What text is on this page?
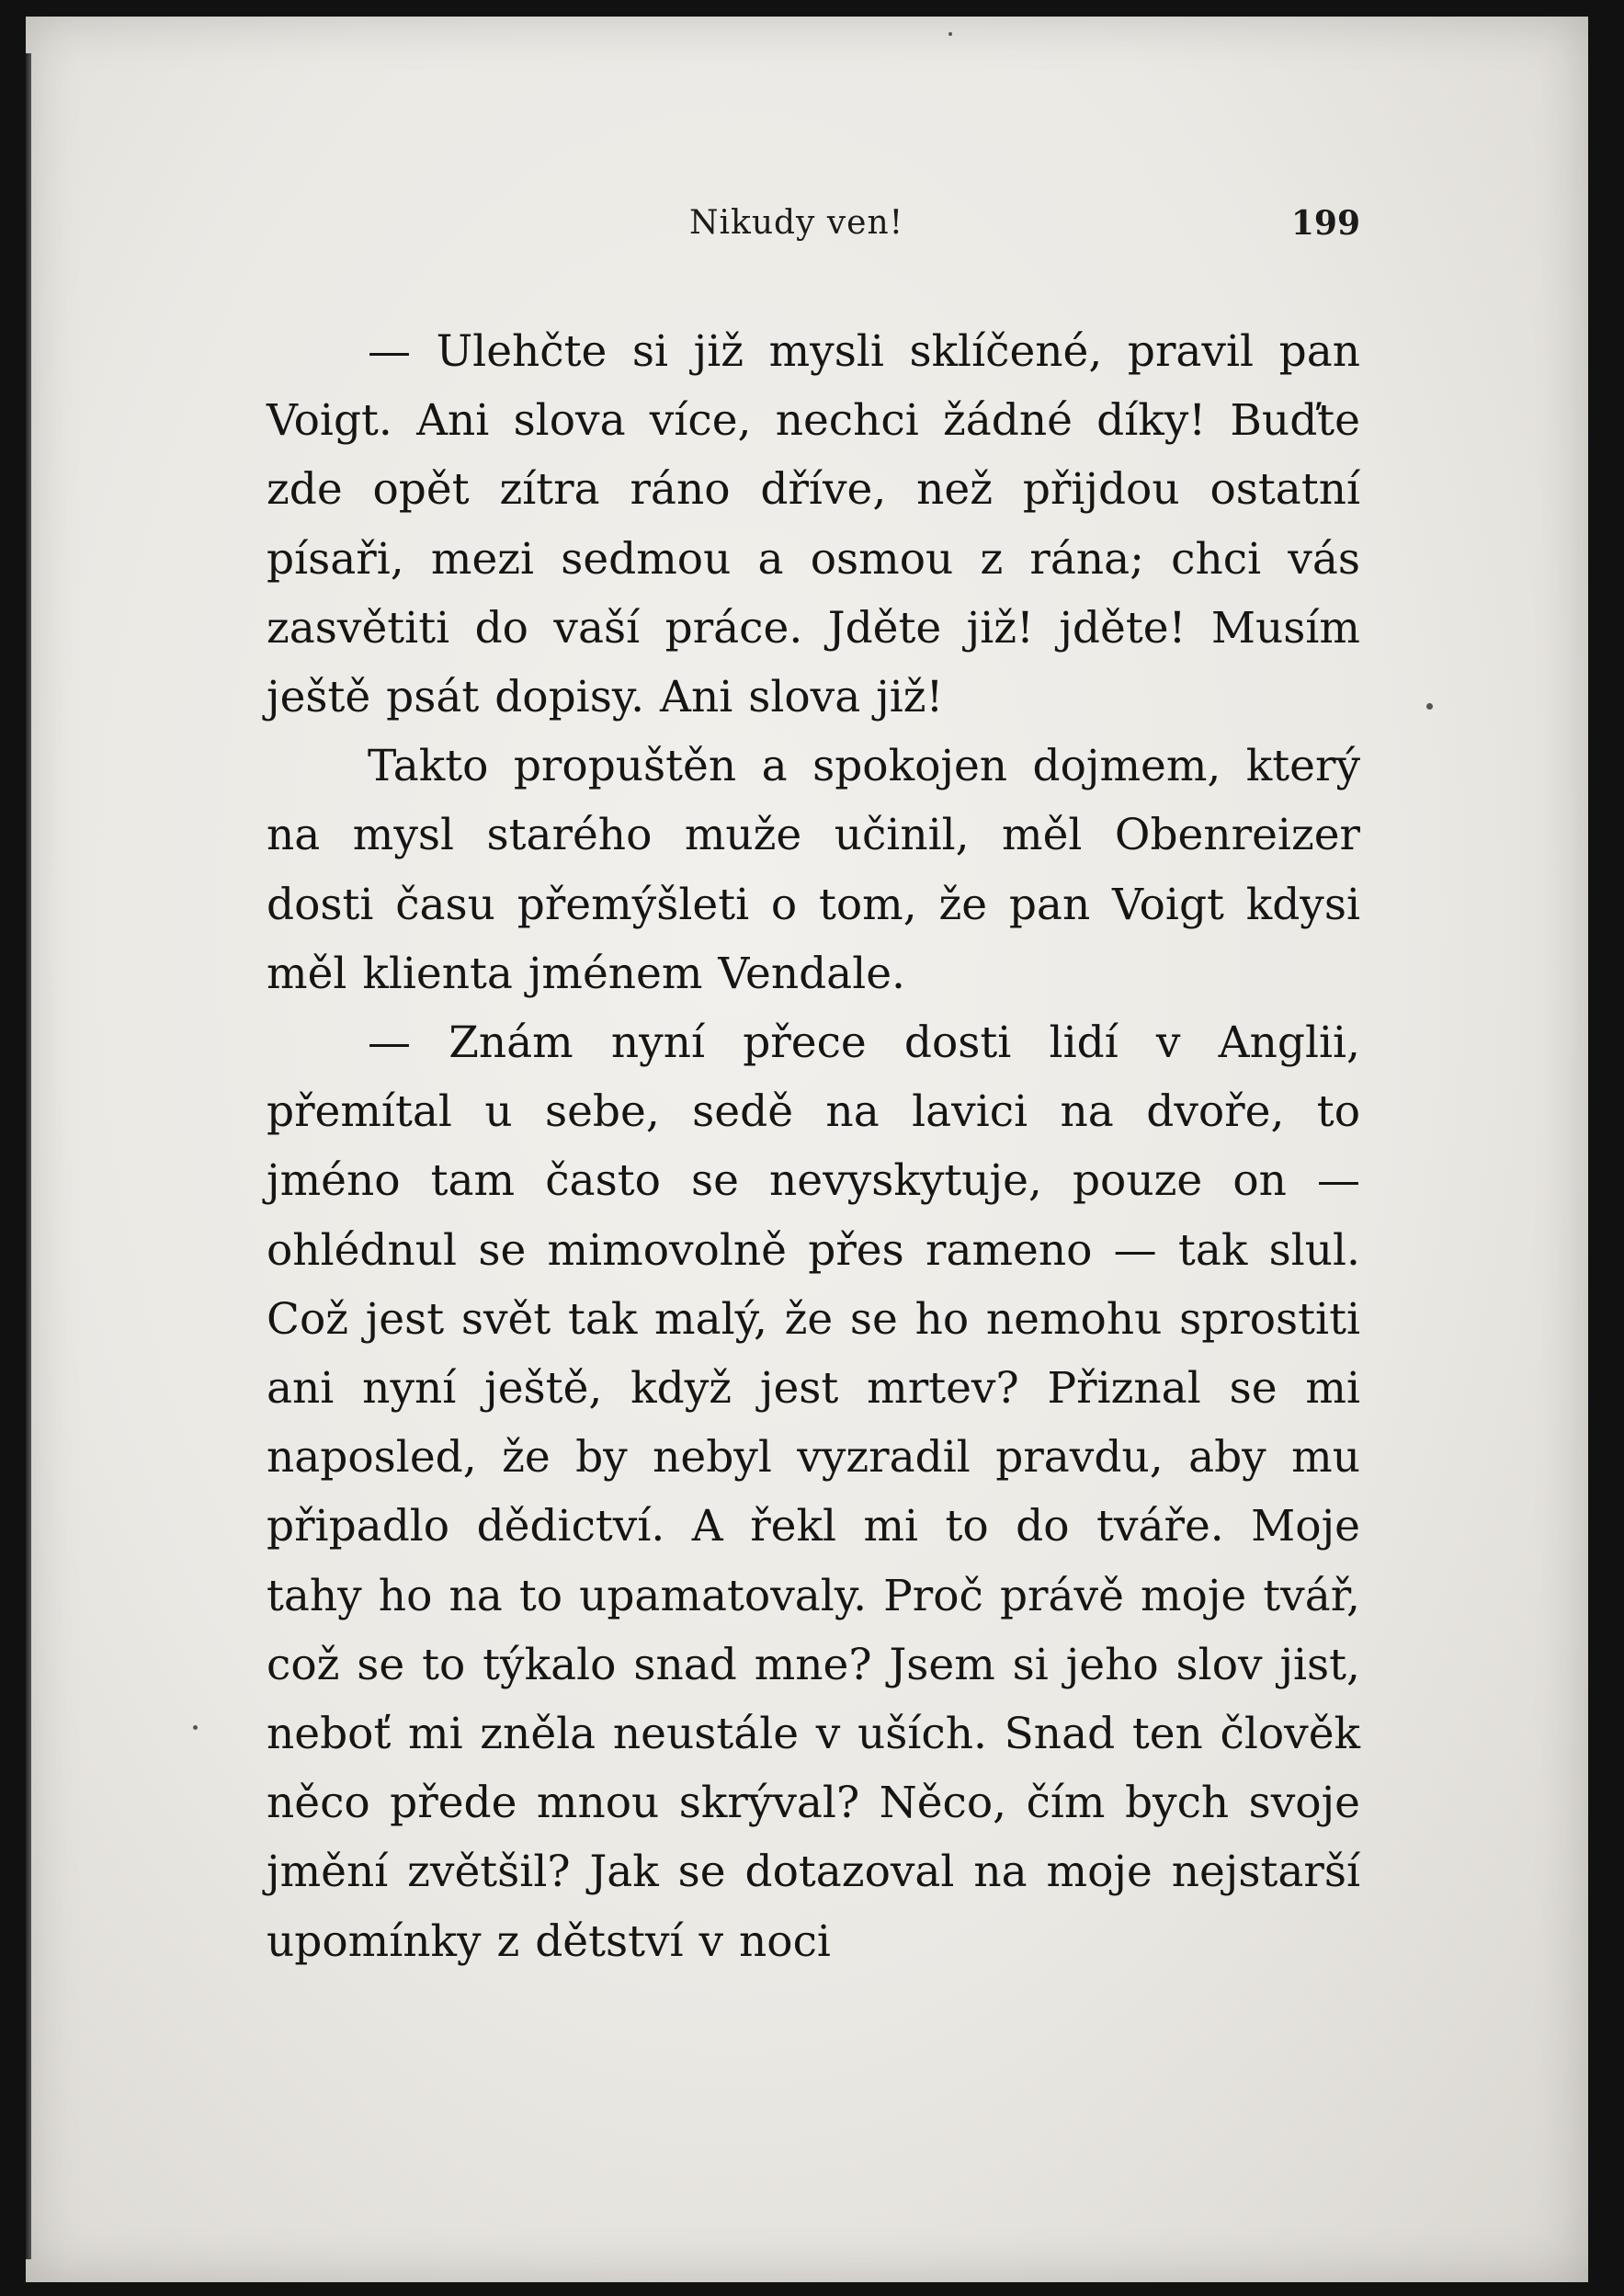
Nikudy ven!	199

— Ulehčte si již mysli sklíčené, pravil pan Voigt. Ani slova více, nechci žádné díky! Buďte zde opět zítra ráno dříve, než přijdou ostatní písaři, mezi sedmou a osmou z rána; chci vás zasvětiti do vaší práce. Jděte již! jděte! Musím ještě psát dopisy. Ani slova již!

Takto propuštěn a spokojen dojmem, který na mysl starého muže učinil, měl Obenreizer dosti času přemýšleti o tom, že pan Voigt kdysi měl klienta jménem Vendale.

— Znám nyní přece dosti lidí v Anglii, přemítal u sebe, sedě na lavici na dvoře, to jméno tam často se nevyskytuje, pouze on — ohlédnul se mimovolně přes rameno — tak slul. Což jest svět tak malý, že se ho nemohu sprostiti ani nyní ještě, když jest mrtev? Přiznal se mi naposled, že by nebyl vyzradil pravdu, aby mu připadlo dědictví. A řekl mi to do tváře. Moje tahy ho na to upamatovaly. Proč právě moje tvář, což se to týkalo snad mne? Jsem si jeho slov jist, neboť mi zněla neustále v uších. Snad ten člověk něco přede mnou skrýval? Něco, čím bych svoje jmění zvětšil? Jak se dotazoval na moje nejstarší upomínky z dětství v noci
